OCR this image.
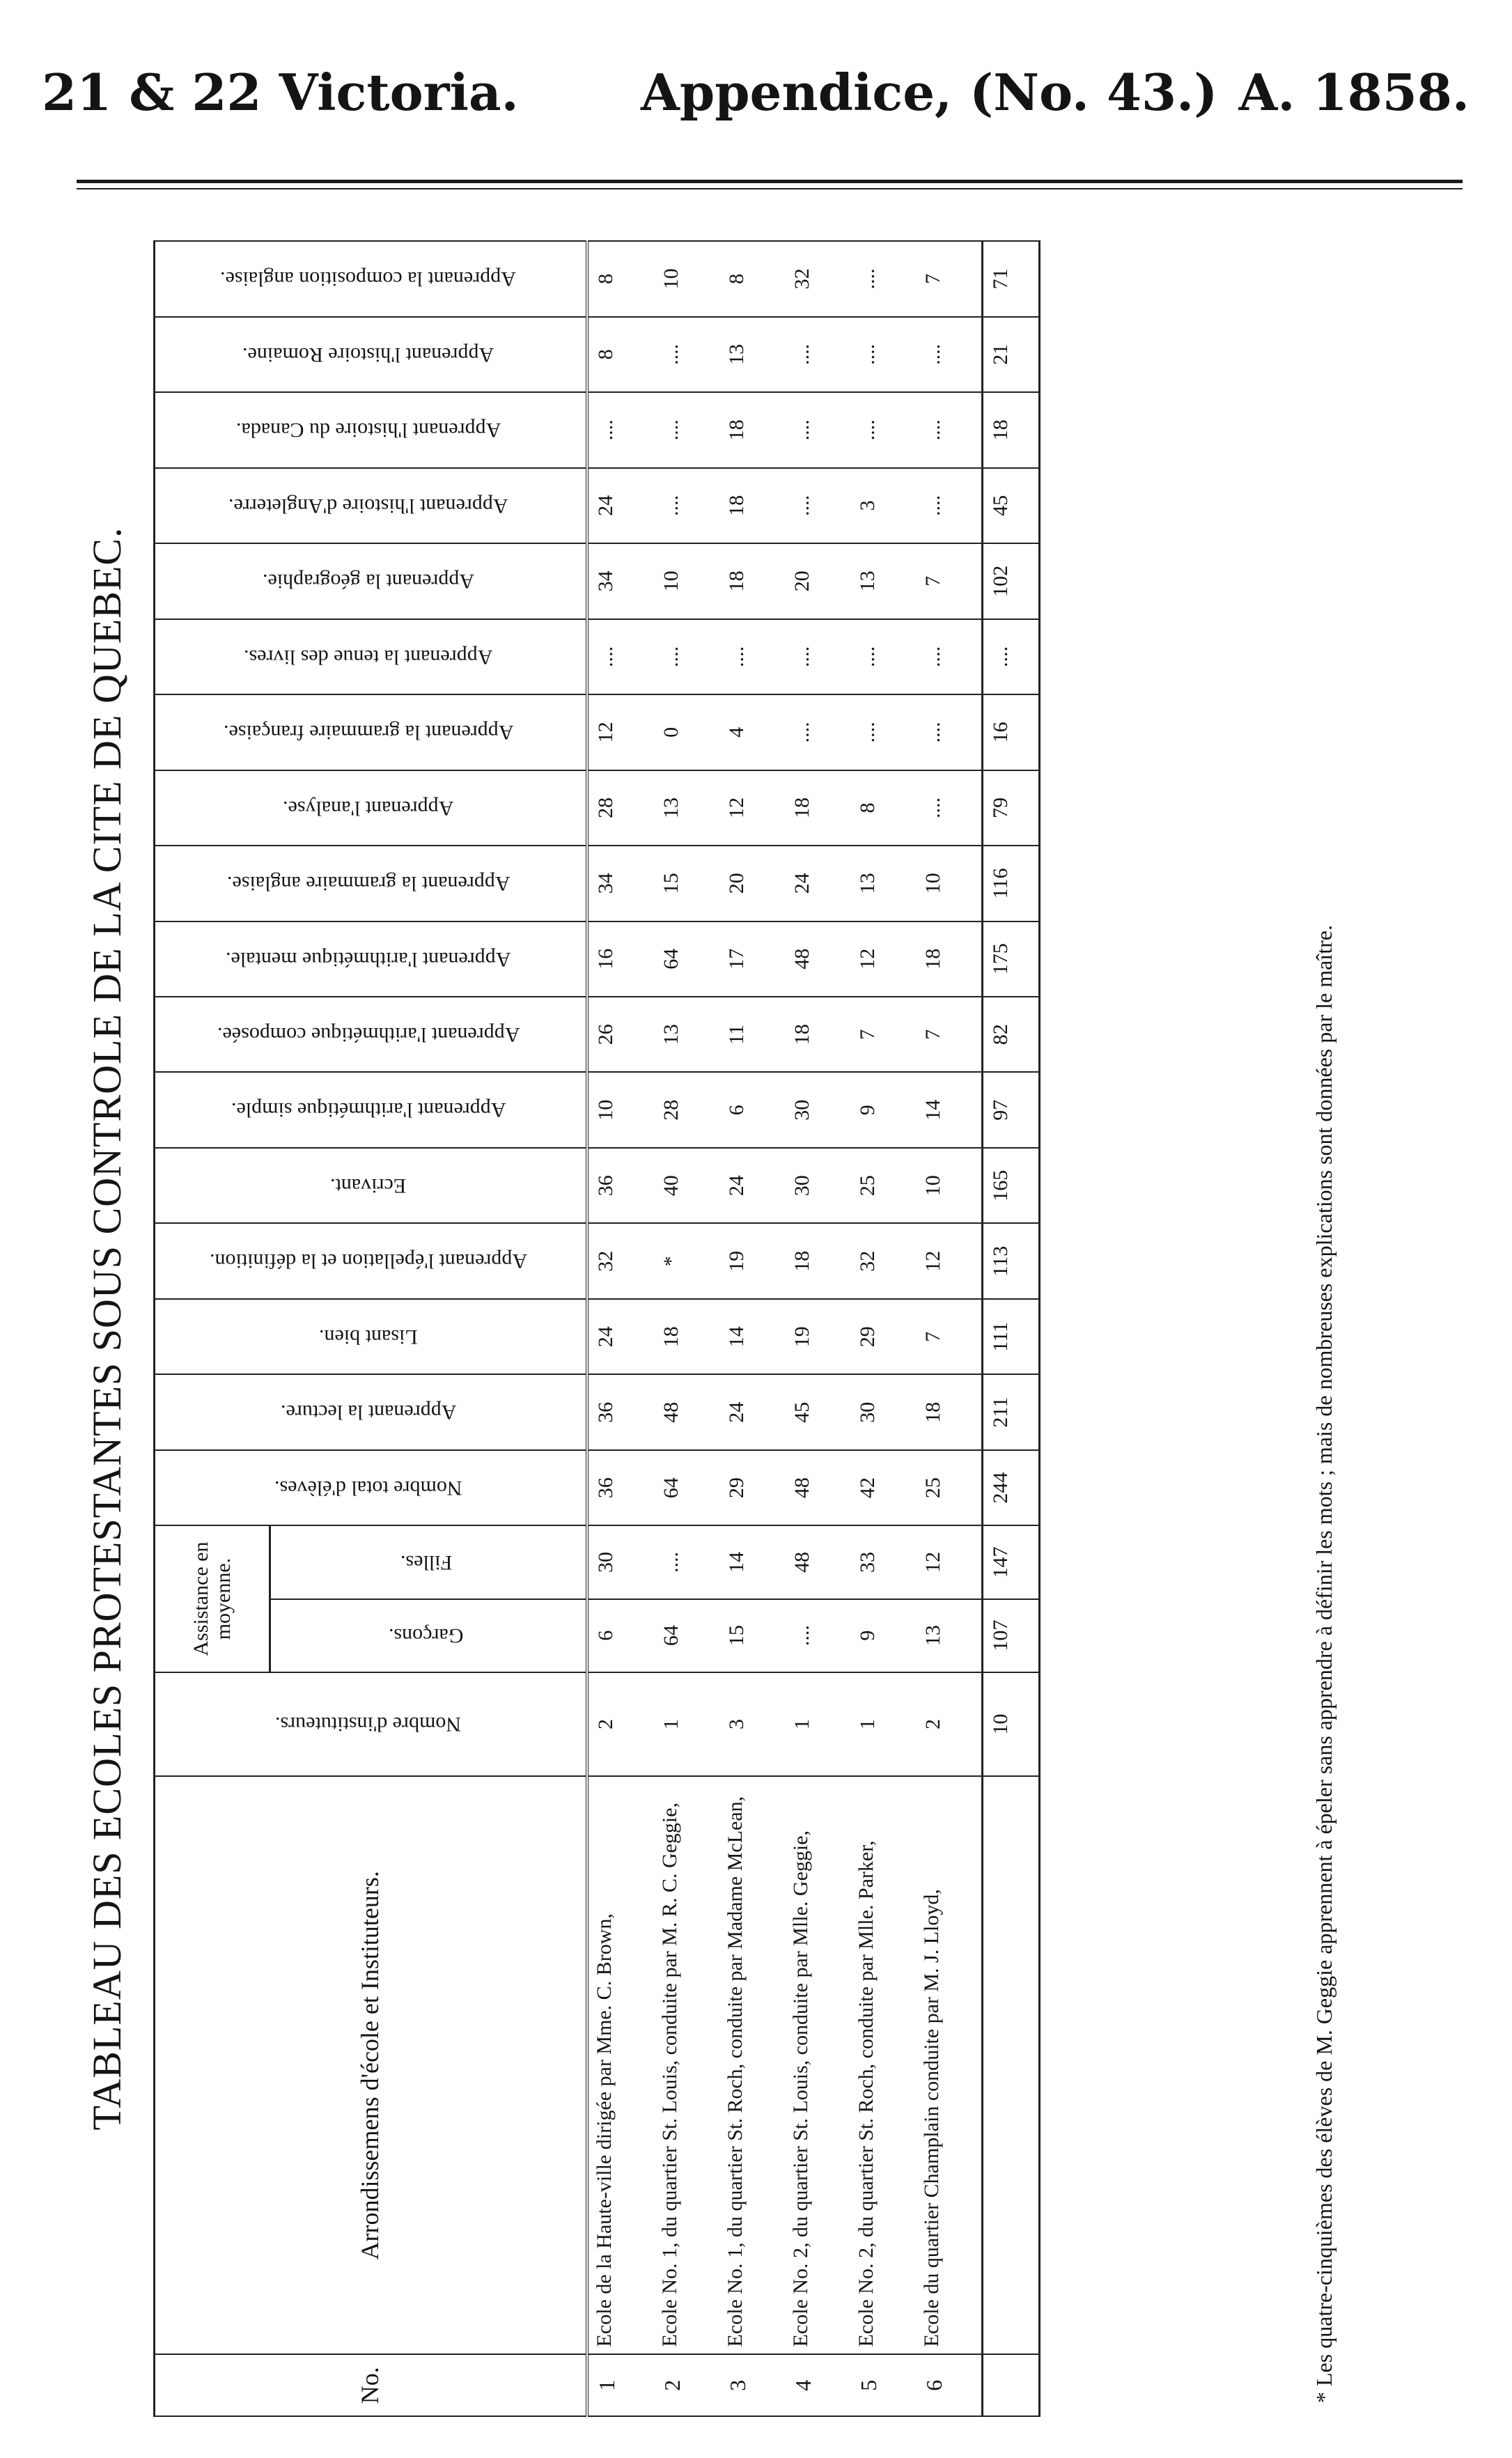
21 & 22 Victoria. Appendice, (No. 43.) A. 1858.
TABLEAU DES ECOLES PROTESTANTES SOUS CONTROLE DE LA CITE DE QUEBEC.
No.	Arrondissemens d'école et Instituteurs.	Nombre d'instituteurs.	Assistance en moyenne.		Nombre total d'élèves.	Apprenant la lecture.	Lisant bien.	Apprenant l'épellation et la définition.	Ecrivant.	Apprenant l'arithmétique simple.	Apprenant l'arithmétique composée.	Apprenant l'arithmétique mentale.	Apprenant la grammaire anglaise.	Apprenant l'analyse.	Apprenant la grammaire française.	Apprenant la tenue des livres.	Apprenant la géographie.	Apprenant l'histoire d'Angleterre.	Apprenant l'histoire du Canada.	Apprenant l'histoire Romaine.	Apprenant la composition anglaise.
			Garçons.	Filles.																	
1	Ecole de la Haute-ville dirigée par Mme. C. Brown,	2	6	30	36	36	24	32	36	10	26	16	34	28	12	....	34	24	....	8	8
2	Ecole No. 1, du quartier St. Louis, conduite par M. R. C. Geggie,	1	64	....	64	48	18	*	40	28	13	64	15	13	0	....	10	....	....	....	10
3	Ecole No. 1, du quartier St. Roch, conduite par Madame McLean,	3	15	14	29	24	14	19	24	6	11	17	20	12	4	....	18	18	18	13	8
4	Ecole No. 2, du quartier St. Louis, conduite par Mlle. Geggie,	1	....	48	48	45	19	18	30	30	18	48	24	18	....	....	20	....	....	....	32
5	Ecole No. 2, du quartier St. Roch, conduite par Mlle. Parker,	1	9	33	42	30	29	32	25	9	7	12	13	8	....	....	13	3	....	....	....
6	Ecole du quartier Champlain conduite par M. J. Lloyd,	2	13	12	25	18	7	12	10	14	7	18	10	....	....	....	7	....	....	....	7
		10	107	147	244	211	111	113	165	97	82	175	116	79	16	....	102	45	18	21	71
* Les quatre-cinquièmes des élèves de M. Geggie apprennent à épeler sans apprendre à définir les mots ; mais de nombreuses explications sont données par le maître.
